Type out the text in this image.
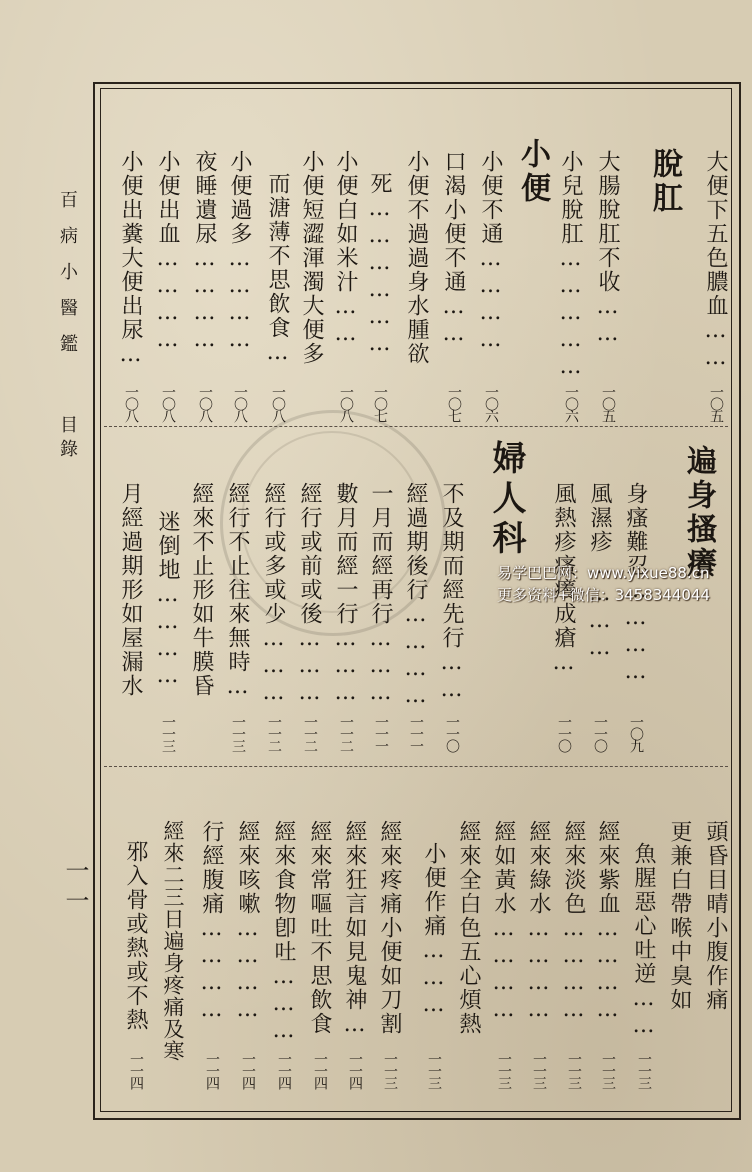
百病小醫鑑
目錄
一一
大便下五色膿血……
一〇五
脫肛
大腸脫肛不收……
一〇五
小兒脫肛……………
一〇六
小便
小便不通…………
一〇六
口渴小便不通……
一〇七
小便不過過身水腫欲
死………………
一〇七
小便白如米汁……
一〇八
小便短澀渾濁大便多
而溏薄不思飲食…
一〇八
小便過多…………
一〇八
夜睡遺尿…………
一〇八
小便出血…………
一〇八
小便出糞大便出尿…
一〇八
遍身搔癢
身瘙難忍…………
一〇九
風濕疹…………
一一〇
風熱疹瘙癢成瘡…
一一〇
婦人科
不及期而經先行……
一一〇
經過期後行…………
一一一
一月而經再行………
一一一
數月而經一行………
一一二
經行或前或後………
一一二
經行或多或少………
一一二
經行不止往來無時…
一一三
經來不止形如牛膜昏
迷倒地…………
一一三
月經過期形如屋漏水
頭昏目晴小腹作痛
更兼白帶喉中臭如
魚腥惡心吐逆……
一一三
經來紫血…………
一一三
經來淡色…………
一一三
經來綠水…………
一一三
經如黃水…………
一一三
經來全白色五心煩熱
小便作痛………
一一三
經來疼痛小便如刀割
一一三
經來狂言如見鬼神…
一一四
經來常嘔吐不思飲食
一一四
經來食物卽吐………
一一四
經來咳嗽…………
一一四
行經腹痛…………
一一四
經來二三日遍身疼痛及寒
邪入骨或熱或不熱
一一四
易学巴巴网：www.yixue88.cn
更多资料+微信：3458344044
